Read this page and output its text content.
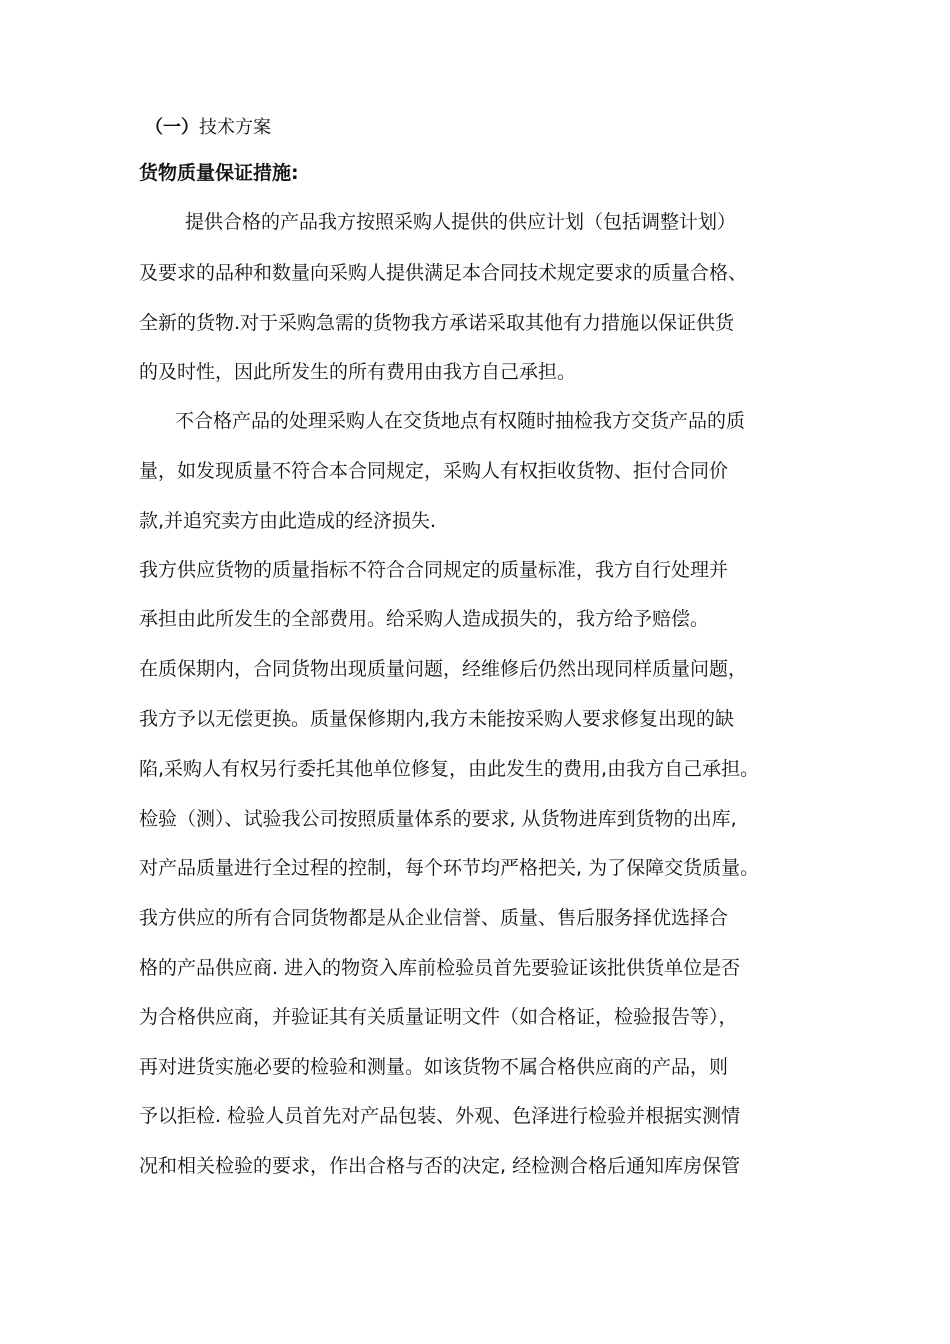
（一）技术方案
货物质量保证措施:
提供合格的产品我方按照采购人提供的供应计划（包括调整计划）
及要求的品种和数量向采购人提供满足本合同技术规定要求的质量合格、
全新的货物.对于采购急需的货物我方承诺采取其他有力措施以保证供货
的及时性，因此所发生的所有费用由我方自己承担。
不合格产品的处理采购人在交货地点有权随时抽检我方交货产品的质
量，如发现质量不符合本合同规定，采购人有权拒收货物、拒付合同价
款,并追究卖方由此造成的经济损失.
我方供应货物的质量指标不符合合同规定的质量标准，我方自行处理并
承担由此所发生的全部费用。给采购人造成损失的，我方给予赔偿。
在质保期内，合同货物出现质量问题，经维修后仍然出现同样质量问题，
我方予以无偿更换。质量保修期内,我方未能按采购人要求修复出现的缺
陷,采购人有权另行委托其他单位修复，由此发生的费用,由我方自己承担。
检验（测）、试验我公司按照质量体系的要求, 从货物进库到货物的出库,
对产品质量进行全过程的控制，每个环节均严格把关, 为了保障交货质量。
我方供应的所有合同货物都是从企业信誉、质量、售后服务择优选择合
格的产品供应商. 进入的物资入库前检验员首先要验证该批供货单位是否
为合格供应商，并验证其有关质量证明文件（如合格证，检验报告等），
再对进货实施必要的检验和测量。如该货物不属合格供应商的产品，则
予以拒检. 检验人员首先对产品包装、外观、色泽进行检验并根据实测情
况和相关检验的要求，作出合格与否的决定, 经检测合格后通知库房保管
